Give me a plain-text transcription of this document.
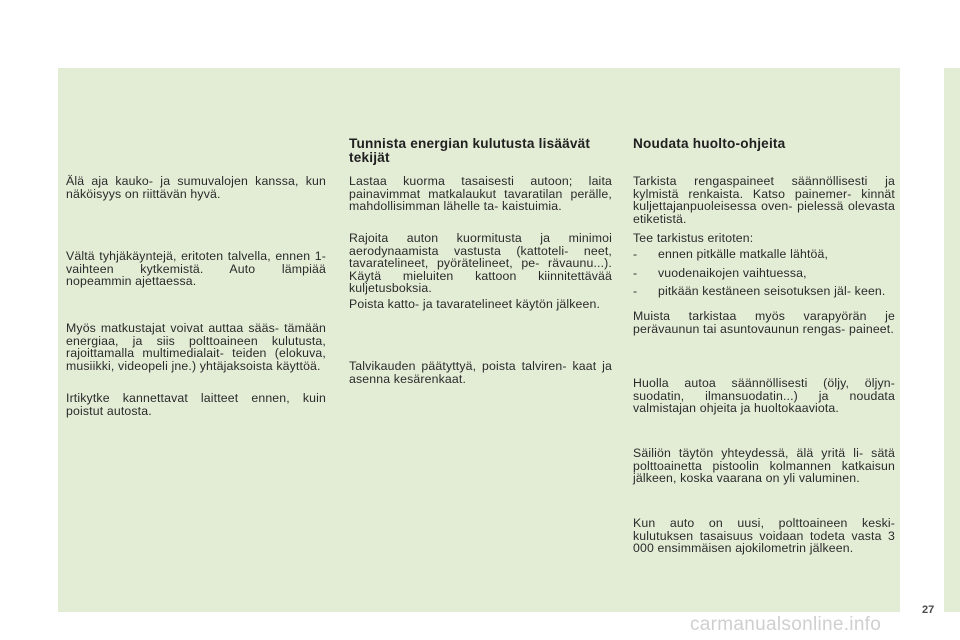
Älä aja kauko- ja sumuvalojen kanssa, kun näköisyys on riittävän hyvä.

Vältä tyhjäkäyntejä, eritoten talvella, ennen 1-vaihteen kytkemistä. Auto lämpiää nopeammin ajettaessa.

Myös matkustajat voivat auttaa sääs- tämään energiaa, ja siis polttoaineen kulutusta, rajoittamalla multimedialait- teiden (elokuva, musiikki, videopeli jne.) yhtäjaksoista käyttöä.

Irtikytke kannettavat laitteet ennen, kuin poistut autosta.

Tunnista energian kulutusta lisäävät tekijät

Lastaa kuorma tasaisesti autoon; laita painavimmat matkalaukut tavaratilan perälle, mahdollisimman lähelle ta- kaistuimia.

Rajoita auton kuormitusta ja minimoi aerodynaamista vastusta (kattoteli- neet, tavaratelineet, pyörätelineet, pe- rävaunu...). Käytä mieluiten kattoon kiinnitettävää kuljetusboksia.

Poista katto- ja tavaratelineet käytön jälkeen.

Talvikauden päätyttyä, poista talviren- kaat ja asenna kesärenkaat.

Noudata huolto-ohjeita

Tarkista rengaspaineet säännöllisesti ja kylmistä renkaista. Katso painemer- kinnät kuljettajanpuoleisessa oven- pielessä olevasta etiketistä.

Tee tarkistus eritoten:

- ennen pitkälle matkalle lähtöä,
- vuodenaikojen vaihtuessa,
- pitkään kestäneen seisotuksen jäl- keen.

Muista tarkistaa myös varapyörän je perävaunun tai asuntovaunun rengas- paineet.

Huolla autoa säännöllisesti (öljy, öljyn- suodatin, ilmansuodatin...) ja noudata valmistajan ohjeita ja huoltokaaviota.

Säiliön täytön yhteydessä, älä yritä li- sätä polttoainetta pistoolin kolmannen katkaisun jälkeen, koska vaarana on yli valuminen.

Kun auto on uusi, polttoaineen keski- kulutuksen tasaisuus voidaan todeta vasta 3 000 ensimmäisen ajokilometrin jälkeen.

27
carmanualsonline.info
